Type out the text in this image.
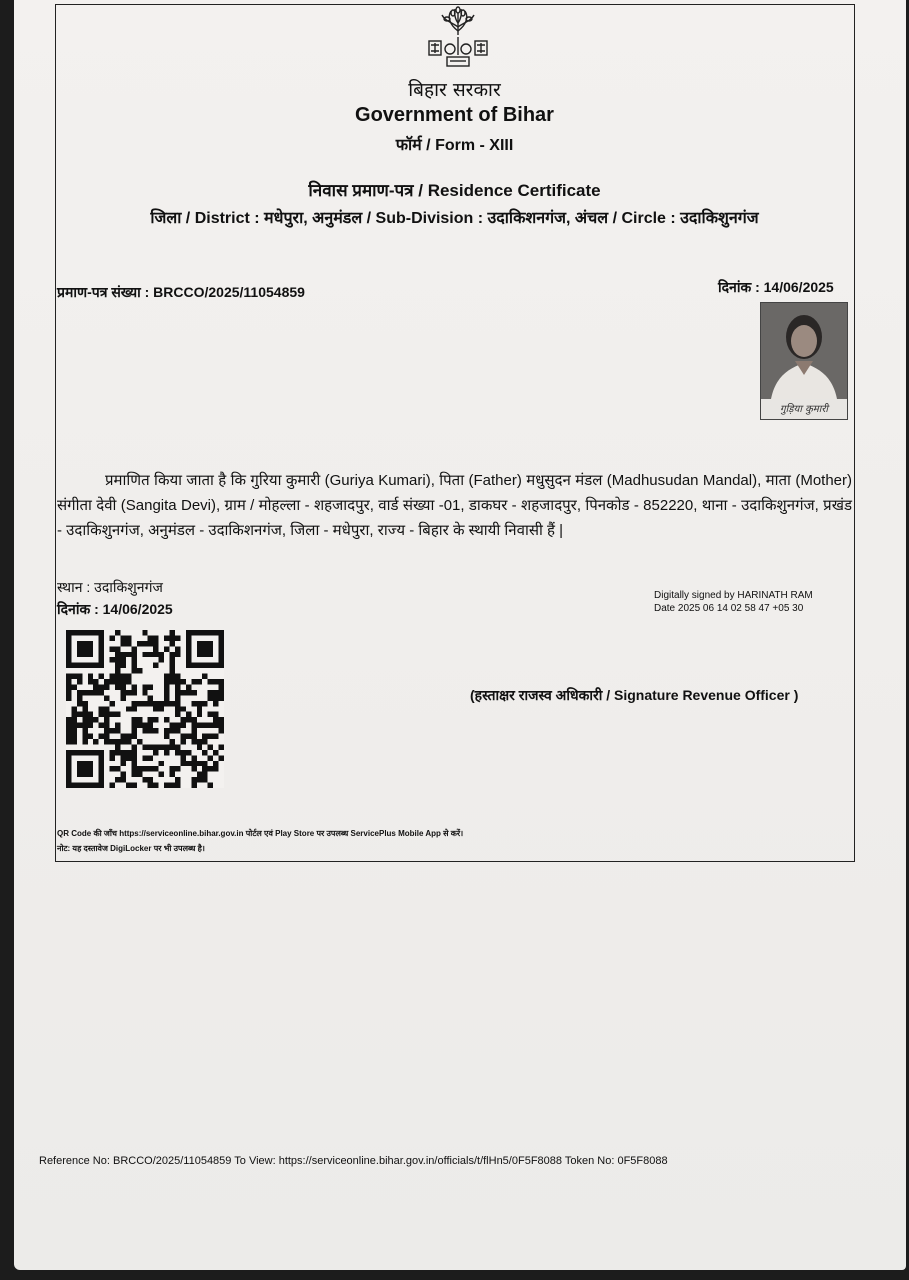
बिहार सरकार
Government of Bihar
फॉर्म / Form - XIII
निवास प्रमाण-पत्र / Residence Certificate
जिला / District : मधेपुरा, अनुमंडल / Sub-Division : उदाकिशनगंज, अंचल / Circle : उदाकिशुनगंज
प्रमाण-पत्र संख्या : BRCCO/2025/11054859	दिनांक : 14/06/2025
गुड़िया कुमारी
प्रमाणित किया जाता है कि गुरिया कुमारी (Guriya Kumari), पिता (Father) मधुसुदन मंडल (Madhusudan Mandal), माता (Mother) संगीता देवी (Sangita Devi), ग्राम / मोहल्ला - शहजादपुर, वार्ड संख्या -01, डाकघर - शहजादपुर, पिनकोड - 852220, थाना - उदाकिशुनगंज, प्रखंड - उदाकिशुनगंज, अनुमंडल - उदाकिशनगंज, जिला - मधेपुरा, राज्य - बिहार के स्थायी निवासी हैं |
स्थान : उदाकिशुनगंज
दिनांक : 14/06/2025
Digitally signed by HARINATH RAM
Date 2025 06 14 02 58 47 +05 30
(हस्ताक्षर राजस्व अधिकारी / Signature Revenue Officer )
QR Code की जाँच https://serviceonline.bihar.gov.in पोर्टल एवं Play Store पर उपलब्ध ServicePlus Mobile App से करें।
नोट: यह दस्तावेज DigiLocker पर भी उपलब्ध है।
Reference No: BRCCO/2025/11054859 To View: https://serviceonline.bihar.gov.in/officials/t/flHn5/0F5F8088 Token No: 0F5F8088
